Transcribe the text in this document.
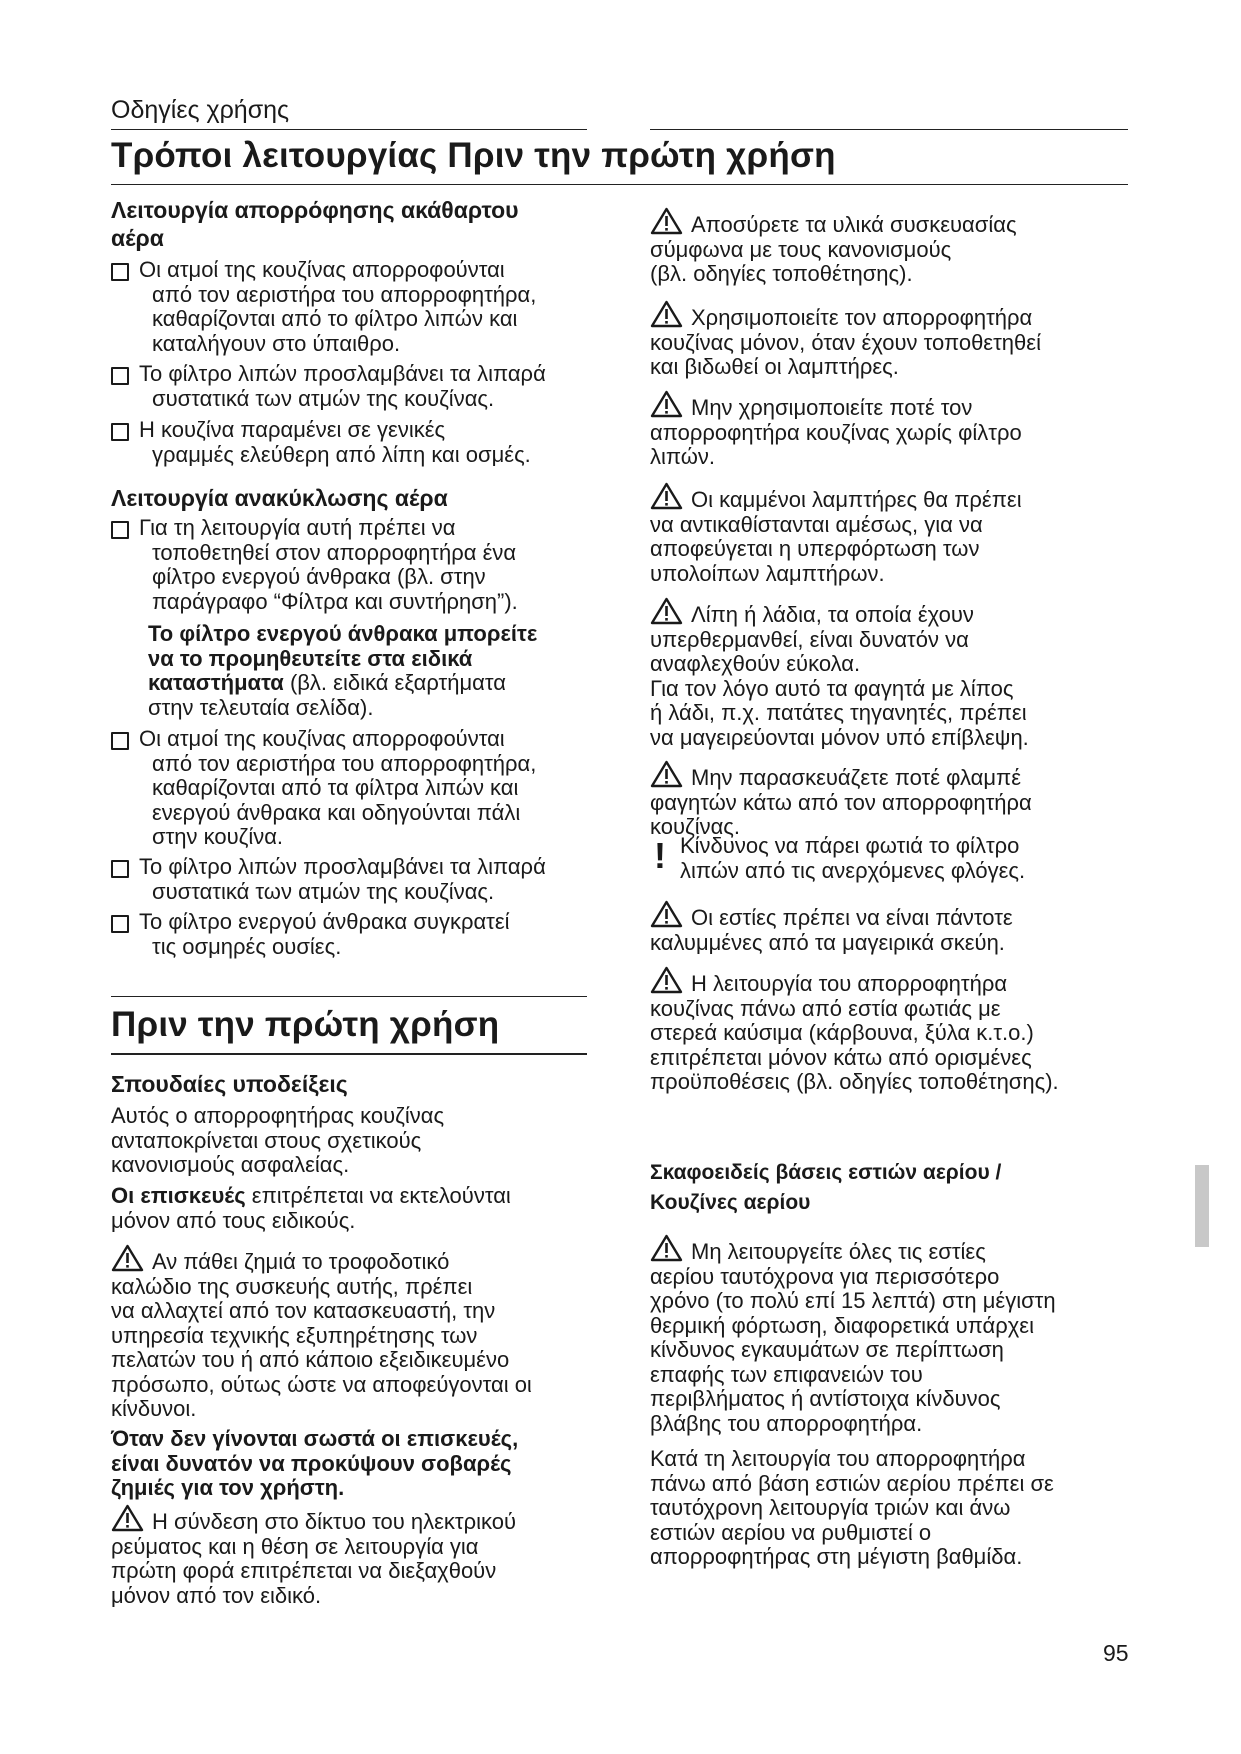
Οδηγίες χρήσης
Τρόποι λειτουργίας Πριν την πρώτη χρήση
Λειτουργία απορρόφησης ακάθαρτου
αέρα
Οι ατμοί της κουζίνας απορροφούνται
από τον αεριστήρα του απορροφητήρα,
καθαρίζονται από το φίλτρο λιπών και
καταλήγουν στο ύπαιθρο.
Το φίλτρο λιπών προσλαμβάνει τα λιπαρά
συστατικά των ατμών της κουζίνας.
Η κουζίνα παραμένει σε γενικές
γραμμές ελεύθερη από λίπη και οσμές.
Λειτουργία ανακύκλωσης αέρα
Για τη λειτουργία αυτή πρέπει να
τοποθετηθεί στον απορροφητήρα ένα
φίλτρο ενεργού άνθρακα (βλ. στην
παράγραφο “Φίλτρα και συντήρηση”).
Το φίλτρο ενεργού άνθρακα μπορείτε
να το προμηθευτείτε στα ειδικά
καταστήματα (βλ. ειδικά εξαρτήματα
στην τελευταία σελίδα).
Οι ατμοί της κουζίνας απορροφούνται
από τον αεριστήρα του απορροφητήρα,
καθαρίζονται από τα φίλτρα λιπών και
ενεργού άνθρακα και οδηγούνται πάλι
στην κουζίνα.
Το φίλτρο λιπών προσλαμβάνει τα λιπαρά
συστατικά των ατμών της κουζίνας.
Το φίλτρο ενεργού άνθρακα συγκρατεί
τις οσμηρές ουσίες.
Πριν την πρώτη χρήση
Σπουδαίες υποδείξεις
Αυτός ο απορροφητήρας κουζίνας
ανταποκρίνεται στους σχετικούς
κανονισμούς ασφαλείας.
Οι επισκευές επιτρέπεται να εκτελούνται
μόνον από τους ειδικούς.
Αν πάθει ζημιά το τροφοδοτικό
καλώδιο της συσκευής αυτής, πρέπει
να αλλαχτεί από τον κατασκευαστή, την
υπηρεσία τεχνικής εξυπηρέτησης των
πελατών του ή από κάποιο εξειδικευμένο
πρόσωπο, ούτως ώστε να αποφεύγονται οι
κίνδυνοι.
Όταν δεν γίνονται σωστά οι επισκευές,
είναι δυνατόν να προκύψουν σοβαρές
ζημιές για τον χρήστη.
Η σύνδεση στο δίκτυο του ηλεκτρικού
ρεύματος και η θέση σε λειτουργία για
πρώτη φορά επιτρέπεται να διεξαχθούν
μόνον από τον ειδικό.
Αποσύρετε τα υλικά συσκευασίας
σύμφωνα με τους κανονισμούς
(βλ. οδηγίες τοποθέτησης).
Χρησιμοποιείτε τον απορροφητήρα
κουζίνας μόνον, όταν έχουν τοποθετηθεί
και βιδωθεί οι λαμπτήρες.
Μην χρησιμοποιείτε ποτέ τον
απορροφητήρα κουζίνας χωρίς φίλτρο
λιπών.
Οι καμμένοι λαμπτήρες θα πρέπει
να αντικαθίστανται αμέσως, για να
αποφεύγεται η υπερφόρτωση των
υπολοίπων λαμπτήρων.
Λίπη ή λάδια, τα οποία έχουν
υπερθερμανθεί, είναι δυνατόν να
αναφλεχθούν εύκολα.
Για τον λόγο αυτό τα φαγητά με λίπος
ή λάδι, π.χ. πατάτες τηγανητές, πρέπει
να μαγειρεύονται μόνον υπό επίβλεψη.
Μην παρασκευάζετε ποτέ φλαμπέ
φαγητών κάτω από τον απορροφητήρα
κουζίνας.
! Κίνδυνος να πάρει φωτιά το φίλτρο
λιπών από τις ανερχόμενες φλόγες.
Οι εστίες πρέπει να είναι πάντοτε
καλυμμένες από τα μαγειρικά σκεύη.
Η λειτουργία του απορροφητήρα
κουζίνας πάνω από εστία φωτιάς με
στερεά καύσιμα (κάρβουνα, ξύλα κ.τ.ο.)
επιτρέπεται μόνον κάτω από ορισμένες
προϋποθέσεις (βλ. οδηγίες τοποθέτησης).
Σκαφοειδείς βάσεις εστιών αερίου /
Κουζίνες αερίου
Μη λειτουργείτε όλες τις εστίες
αερίου ταυτόχρονα για περισσότερο
χρόνο (το πολύ επί 15 λεπτά) στη μέγιστη
θερμική φόρτωση, διαφορετικά υπάρχει
κίνδυνος εγκαυμάτων σε περίπτωση
επαφής των επιφανειών του
περιβλήματος ή αντίστοιχα κίνδυνος
βλάβης του απορροφητήρα.
Κατά τη λειτουργία του απορροφητήρα
πάνω από βάση εστιών αερίου πρέπει σε
ταυτόχρονη λειτουργία τριών και άνω
εστιών αερίου να ρυθμιστεί ο
απορροφητήρας στη μέγιστη βαθμίδα.
95
